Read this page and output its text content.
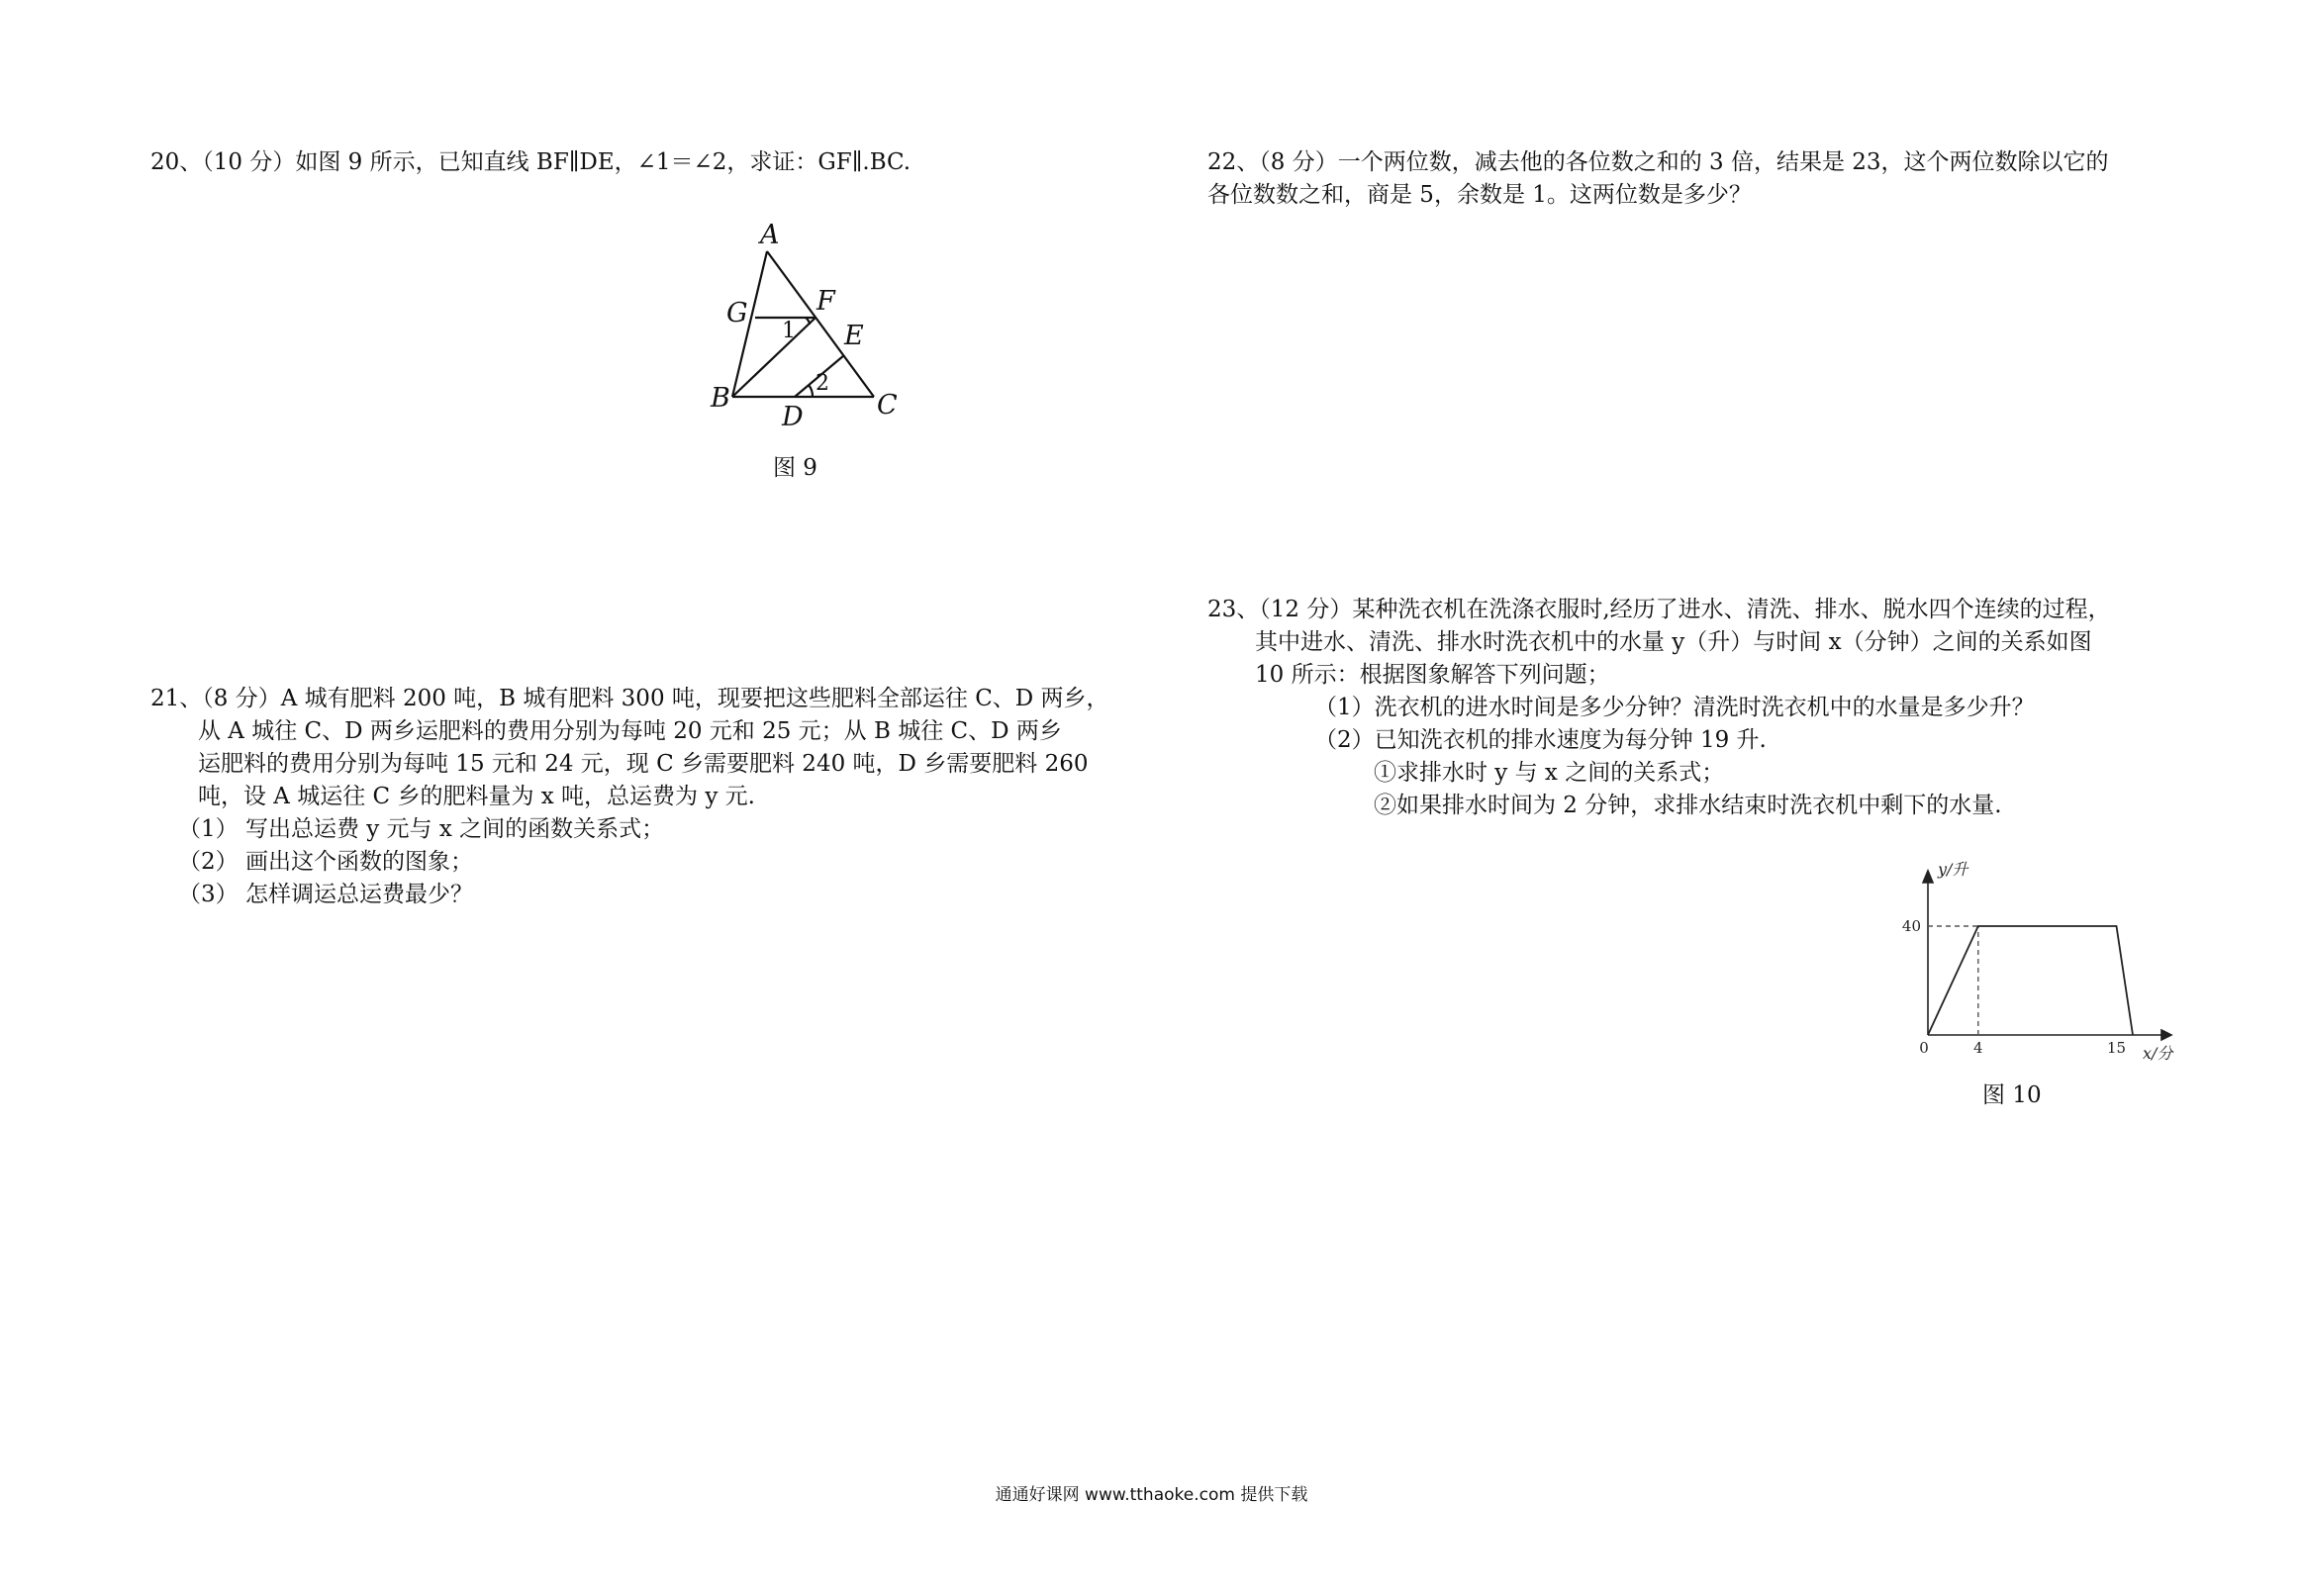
20、（10 分）如图 9 所示，已知直线 BF∥DE，∠1＝∠2，求证：GF∥.BC.
A
G	F
E
B
D	C
1
2
图 9
21、（8 分）A 城有肥料 200 吨，B 城有肥料 300 吨，现要把这些肥料全部运往 C、D 两乡，
从 A 城往 C、D 两乡运肥料的费用分别为每吨 20 元和 25 元；从 B 城往 C、D 两乡
运肥料的费用分别为每吨 15 元和 24 元，现 C 乡需要肥料 240 吨，D 乡需要肥料 260
吨，设 A 城运往 C 乡的肥料量为 x 吨，总运费为 y 元.
（1） 写出总运费 y 元与 x 之间的函数关系式；
（2） 画出这个函数的图象；
（3） 怎样调运总运费最少？
22、（8 分）一个两位数，减去他的各位数之和的 3 倍，结果是 23，这个两位数除以它的
各位数数之和，商是 5，余数是 1。这两位数是多少？
23、（12 分）某种洗衣机在洗涤衣服时,经历了进水、清洗、排水、脱水四个连续的过程，
其中进水、清洗、排水时洗衣机中的水量 y（升）与时间 x（分钟）之间的关系如图
10 所示：根据图象解答下列问题；
（1）洗衣机的进水时间是多少分钟？清洗时洗衣机中的水量是多少升？
（2）已知洗衣机的排水速度为每分钟 19 升.
①求排水时 y 与 x 之间的关系式；
②如果排水时间为 2 分钟，求排水结束时洗衣机中剩下的水量.
0	4	15
40
y/升
x/分
图 10
通通好课网 www.tthaoke.com 提供下载
